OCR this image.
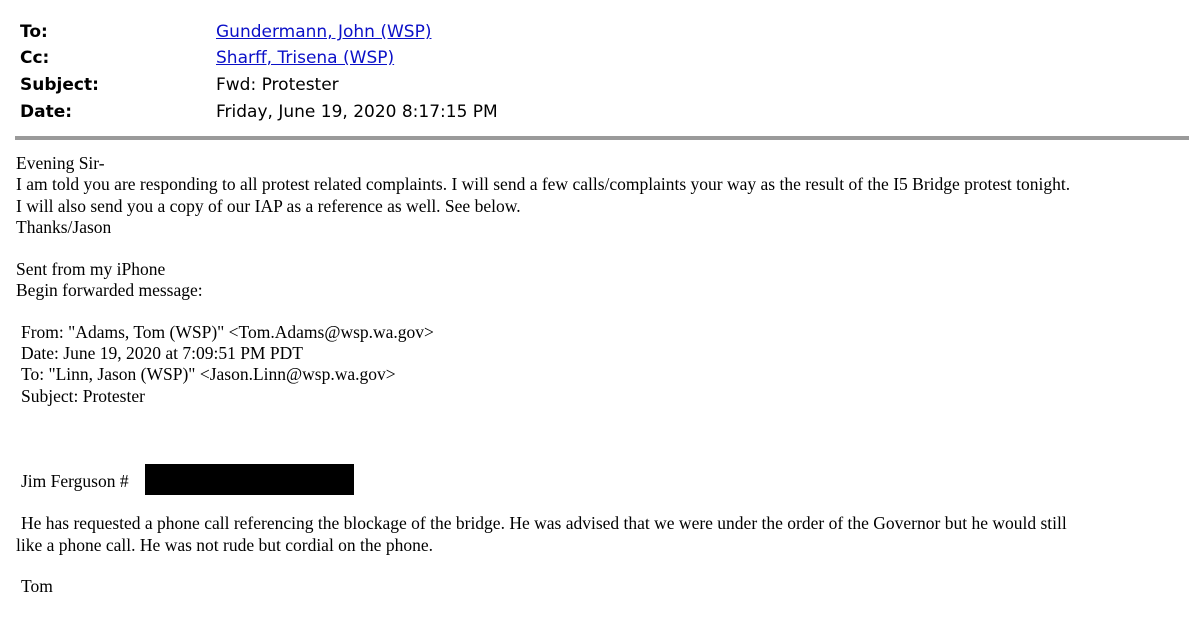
To:	Gundermann, John (WSP)
Cc:	Sharff, Trisena (WSP)
Subject:	Fwd: Protester
Date:	Friday, June 19, 2020 8:17:15 PM
Evening Sir-
I am told you are responding to all protest related complaints. I will send a few calls/complaints your way as the result of the I5 Bridge protest tonight.
I will also send you a copy of our IAP as a reference as well. See below.
Thanks/Jason
Sent from my iPhone
Begin forwarded message:
From: "Adams, Tom (WSP)" <Tom.Adams@wsp.wa.gov>
Date: June 19, 2020 at 7:09:51 PM PDT
To: "Linn, Jason (WSP)" <Jason.Linn@wsp.wa.gov>
Subject: Protester
Jim Ferguson #
He has requested a phone call referencing the blockage of the bridge. He was advised that we were under the order of the Governor but he would still
like a phone call. He was not rude but cordial on the phone.
Tom
